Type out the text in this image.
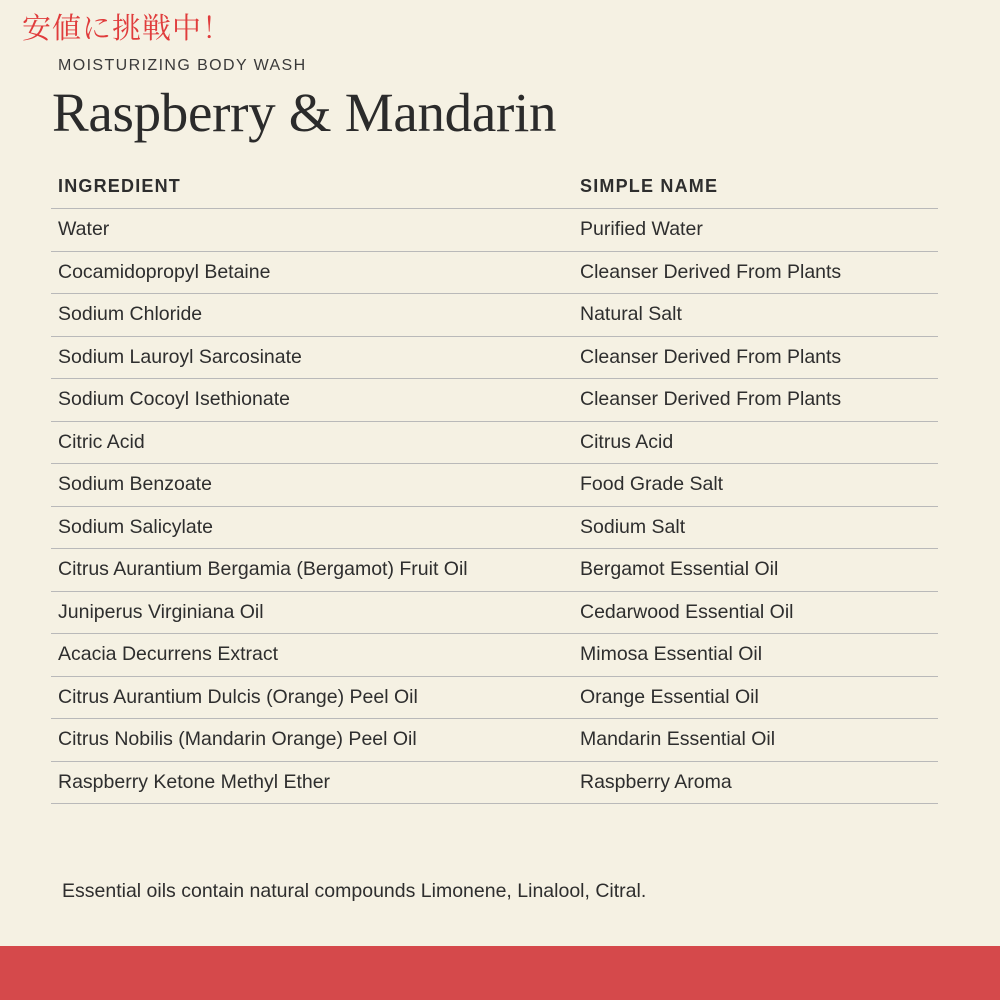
安値に挑戦中！
MOISTURIZING BODY WASH
Raspberry & Mandarin
INGREDIENT	SIMPLE NAME
Water	Purified Water
Cocamidopropyl Betaine	Cleanser Derived From Plants
Sodium Chloride	Natural Salt
Sodium Lauroyl Sarcosinate	Cleanser Derived From Plants
Sodium Cocoyl Isethionate	Cleanser Derived From Plants
Citric Acid	Citrus Acid
Sodium Benzoate	Food Grade Salt
Sodium Salicylate	Sodium Salt
Citrus Aurantium Bergamia (Bergamot) Fruit Oil	Bergamot Essential Oil
Juniperus Virginiana Oil	Cedarwood Essential Oil
Acacia Decurrens Extract	Mimosa Essential Oil
Citrus Aurantium Dulcis (Orange) Peel Oil	Orange Essential Oil
Citrus Nobilis (Mandarin Orange) Peel Oil	Mandarin Essential Oil
Raspberry Ketone Methyl Ether	Raspberry Aroma
Essential oils contain natural compounds Limonene, Linalool, Citral.
